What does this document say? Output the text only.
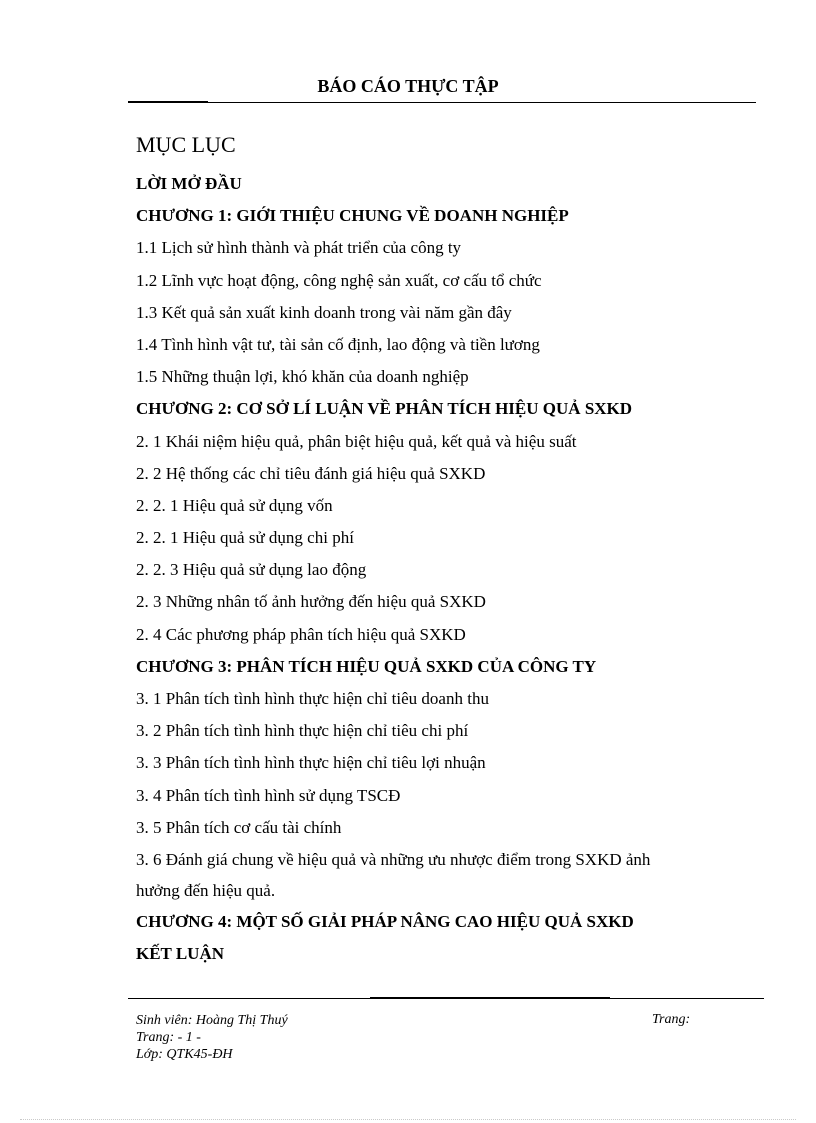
BÁO CÁO THỰC TẬP
MỤC LỤC
LỜI MỞ ĐẦU
CHƯƠNG 1: GIỚI THIỆU CHUNG VỀ DOANH NGHIỆP
1.1 Lịch sử hình thành và phát triển của công ty
1.2 Lĩnh vực hoạt động, công nghệ sản xuất, cơ cấu tổ chức
1.3 Kết quả sản xuất kinh doanh trong vài năm gần đây
1.4 Tình hình vật tư, tài sản cố định, lao động và tiền lương
1.5 Những thuận lợi, khó khăn của doanh nghiệp
CHƯƠNG 2: CƠ SỞ LÍ LUẬN VỀ PHÂN TÍCH HIỆU QUẢ SXKD
2. 1 Khái niệm hiệu quả, phân biệt hiệu quả, kết quả và hiệu suất
2. 2 Hệ thống các chỉ tiêu đánh giá hiệu quả SXKD
2. 2. 1 Hiệu quả sử dụng vốn
2. 2. 1 Hiệu quả sử dụng chi phí
2. 2. 3 Hiệu quả sử dụng lao động
2. 3 Những nhân tố ảnh hưởng đến hiệu quả SXKD
2. 4 Các phương pháp phân tích hiệu quả SXKD
CHƯƠNG 3: PHÂN TÍCH HIỆU QUẢ SXKD CỦA CÔNG TY
3. 1 Phân tích tình hình thực hiện chỉ tiêu doanh thu
3. 2 Phân tích tình hình thực hiện chỉ tiêu chi phí
3. 3 Phân tích tình hình thực hiện chỉ tiêu lợi nhuận
3. 4 Phân tích tình hình sử dụng TSCĐ
3. 5 Phân tích cơ cấu tài chính
3. 6 Đánh giá chung về hiệu quả và những ưu nhược điểm trong SXKD ảnh
hưởng đến hiệu quả.
CHƯƠNG 4: MỘT SỐ GIẢI PHÁP NÂNG CAO HIỆU QUẢ SXKD
KẾT LUẬN
Sinh viên: Hoàng Thị Thuý
Trang: - 1 -
Lớp: QTK45-ĐH
Trang:
